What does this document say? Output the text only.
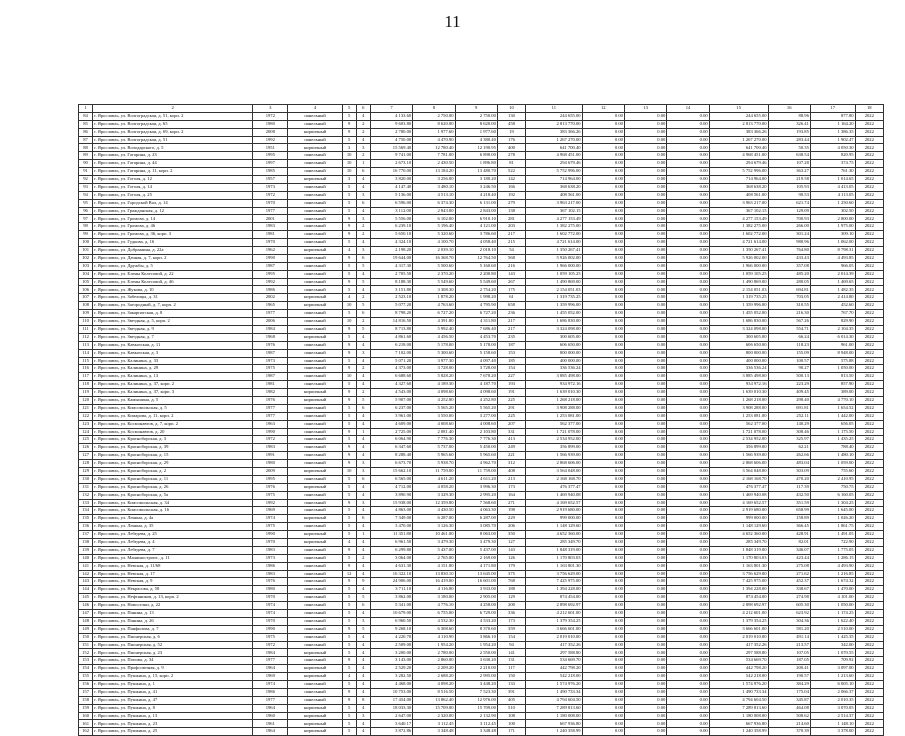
11
1	2	3	4	5	6	7	8	9	10	11	12	13	14	15	16	17	18
84	г. Ярославль, ул. Волгоградская, д. 51, корп. 2	1972	панельный	5	4	4 133.60	2 750.00	2 750.00	130	244 655.00	0.00	0.00	0.00	244 655.00	88.96	877.80	2022
85	г. Ярославль, ул. Волгоградская, д. 65	1980	панельный	9	2	9 603.80	8 620.00	8 620.00	458	2 813 770.00	0.00	0.00	0.00	2 813 770.00	326.41	1 164.20	2022
86	г. Ярославль, ул. Волгоградская, д. 69, корп. 2	2008	кирпичный	9	2	2 780.00	1 977.60	1 977.60	19	383 366.26	0.00	0.00	0.00	383 366.26	193.85	1 386.35	2022
87	г. Ярославль, ул. Волгоградская, д. 51	1992	панельный	5	4	4 750.00	4 470.90	4 380.40	176	1 267 270.00	0.00	0.00	0.00	1 267 270.00	283.44	1 902.47	2022
88	г. Ярославль, ул. Володарского, д. 5	1951	кирпичный	3	3	15 569.40	12 780.40	12 190.95	400	641 700.40	0.00	0.00	0.00	641 700.40	50.35	4 050.30	2022
89	г. Ярославль, ул. Гагарина, д. 23	1995	панельный	10	2	9 741.00	7 781.00	6 898.00	278	4 968 451.00	0.00	0.00	0.00	4 968 451.00	638.54	820.95	2022
90	г. Ярославль, ул. Гагарина, д. 44	1997	панельный	10	1	2 673.10	2 430.50	1 896.80	81	294 679.46	0.00	0.00	0.00	294 679.46	107.28	374.75	2022
91	г. Ярославль, ул. Гагарина, д. 11, корп. 2	1985	панельный	10	6	16 770.00	13 184.20	13 480.70	522	5 752 996.00	0.00	0.00	0.00	5 752 996.00	363.27	761.30	2022
92	г. Ярославль, ул. Гоголя, д. 12	1957	кирпичный	3	4	3 820.00	3 256.00	3 180.20	142	714 964.00	0.00	0.00	0.00	714 964.00	219.58	1 014.65	2022
93	г. Ярославль, ул. Гоголя, д. 14	1973	панельный	5	4	4 147.40	3 480.10	3 246.50	166	368 638.20	0.00	0.00	0.00	368 638.20	105.93	4 413.05	2022
94	г. Ярославль, ул. Гоголя, д. 25	1972	панельный	5	3	5 136.00	4 513.10	4 218.40	192	408 561.00	0.00	0.00	0.00	408 561.00	90.53	4 113.05	2022
95	г. Ярославль, ул. Городской Вал, д. 14	1970	панельный	5	6	6 596.00	6 374.30	6 131.00	279	3 963 217.00	0.00	0.00	0.00	3 963 217.00	621.74	1 250.60	2022
96	г. Ярославль, ул. Гражданская, д. 12	1977	панельный	5	4	3 112.00	2 843.00	2 843.00	138	367 102.15	0.00	0.00	0.00	367 102.15	129.09	302.50	2022
97	г. Ярославль, ул. Громова, д. 14	2001	панельный	9	3	5 556.00	6 102.00	6 910.10	281	4 277 153.49	0.00	0.00	0.00	4 277 153.49	700.93	2 800.00	2022
98	г. Ярославль, ул. Громова, д. 46	1983	панельный	9	2	6 239.10	5 196.40	4 121.00	203	1 382 275.00	0.00	0.00	0.00	1 382 275.00	266.00	1 975.00	2022
99	г. Ярославль, ул. Громова, д. 36, корп. 3	1981	панельный	9	2	5 650.10	5 320.60	3 786.60	217	1 602 772.00	0.00	0.00	0.00	1 602 772.00	301.24	309.10	2022
100	г. Ярославль, ул. Гудкова, д. 16	1970	панельный	5	4	4 324.10	4 100.70	4 058.40	215	4 721 614.00	0.00	0.00	0.00	4 721 614.00	980.96	1 062.00	2022
101	г. Ярославль, ул. Добрынина, д. 22а	1962	кирпичный	4	3	2 198.20	2 039.10	2 018.10	54	1 350 267.41	0.00	0.00	0.00	1 350 267.41	764.80	8 798.31	2022
102	г. Ярославль, ул. Дачная, д. 7, корп. 2	1990	панельный	9	6	19 644.00	16 368.70	12 764.50	568	5 926 002.00	0.00	0.00	0.00	5 926 002.00	433.43	4 493.85	2022
103	г. Ярославль, ул. Дружбы, д. 5	1987	панельный	5	5	4 317.30	5 500.60	5 160.60	216	1 966 000.00	0.00	0.00	0.00	1 966 000.00	357.08	966.05	2022
104	г. Ярославль, ул. Елены Колесовой, д. 22	1995	панельный	5	4	2 705.50	2 370.20	2 200.80	143	1 059 105.25	0.00	0.00	0.00	1 059 105.25	485.20	2 014.39	2022
105	г. Ярославль, ул. Елены Колесовой, д. 46	1992	панельный	9	5	8 188.30	5 549.60	5 549.60	267	1 490 869.00	0.00	0.00	0.00	1 490 869.00	280.05	1 469.65	2022
106	г. Ярославль, ул. Жукова, д. 10	1986	панельный	5	4	3 151.80	3 308.30	2 754.20	175	2 154 051.03	0.00	0.00	0.00	2 154 051.03	694.81	1 482.35	2022
107	г. Ярославль, ул. Забелицы, д. 31	2002	кирпичный	4	2	2 523.10	1 878.20	1 998.20	61	1 319 735.25	0.00	0.00	0.00	1 319 735.25	703.05	2 414.80	2022
108	г. Ярославль, ул. Загородный, д. 7, корп. 2	1965	кирпичный	10	5	5 077.20	4 763.60	4 795.90	658	1 359 996.00	0.00	0.00	0.00	1 359 996.00	310.55	452.60	2022
109	г. Ярославль, ул. Закарпатская, д. 8	1977	панельный	5	6	8 798.20	6 727.20	6 727.20	236	1 455 052.00	0.00	0.00	0.00	1 455 052.00	216.30	767.70	2022
110	г. Ярославль, ул. Звездная, д. 5, корп. 2	2006	панельный	10	2	14 816.50	4 391.80	4 311.80	217	1 686 830.00	0.00	0.00	0.00	1 686 830.00	567.26	829.90	2022
111	г. Ярославль, ул. Звездная, д. 9	1984	панельный	9	5	8 713.80	5 992.40	7 686.40	217	3 324 098.00	0.00	0.00	0.00	3 324 098.00	554.71	2 104.35	2022
112	г. Ярославль, ул. Звездная, д. 7	1968	кирпичный	5	4	4 861.60	4 456.50	4 453.70	235	300 605.00	0.00	0.00	0.00	300 605.00	66.24	6 014.30	2022
113	г. Ярославль, ул. Кавказская, д. 11	1976	панельный	9	4	6 218.00	5 178.00	5 178.00	187	606 650.00	0.00	0.00	0.00	606 650.00	118.23	961.00	2022
114	г. Ярославль, ул. Кавказская, д. 3	1987	панельный	9	3	7 102.00	5 300.60	5 158.60	153	800 000.00	0.00	0.00	0.00	800 000.00	155.09	8 948.00	2022
115	г. Ярославль, ул. Калинина, д. 33	1973	панельный	5	4	5 071.20	3 977.30	4 097.40	185	400 000.00	0.00	0.00	0.00	400 000.00	100.57	575.88	2022
116	г. Ярославль, ул. Калинина, д. 29	1975	панельный	9	2	4 373.00	3 728.00	3 728.00	154	336 536.24	0.00	0.00	0.00	336 536.24	90.27	1 050.00	2022
117	г. Ярославль, ул. Калинина, д. 13	1987	панельный	10	4	6 688.60	5 828.20	7 678.20	227	3 885 498.00	0.00	0.00	0.00	3 885 498.00	500.13	813.50	2022
118	г. Ярославль, ул. Калинина, д. 37, корп. 2	1981	панельный	5	4	4 327.60	4 189.30	4 187.70	193	934 972.16	0.00	0.00	0.00	934 972.16	223.29	857.90	2022
119	г. Ярославль, ул. Калинина, д. 37, корп. 3	1982	кирпичный	9	2	4 543.00	4 098.60	4 098.60	191	1 639 010.30	0.00	0.00	0.00	1 639 010.30	409.45	389.00	2022
120	г. Ярославль, ул. Камышина, д. 5	1976	кирпичный	9	5	5 907.00	4 252.80	4 252.80	225	1 268 218.00	0.00	0.00	0.00	1 268 218.00	298.40	4 770.10	2022
121	г. Ярославль, ул. Комсомольская, д. 5	1977	панельный	5	6	6 237.00	5 565.20	5 565.20	291	3 908 288.00	0.00	0.00	0.00	3 908 288.00	691.81	1 654.52	2022
122	г. Ярославль, ул. Комарова, д. 11, корп. 2	1977	панельный	5	4	3 961.00	3 550.00	3 277.00	225	1 253 081.00	0.00	0.00	0.00	1 253 081.00	252.11	1 442.00	2022
123	г. Ярославль, ул. Космонавтов, д. 7, корп. 2	1963	панельный	5	4	4 609.00	4 008.60	4 008.60	207	562 377.00	0.00	0.00	0.00	562 377.00	140.29	656.05	2022
124	г. Ярославль, ул. Космонавтов, д. 20	1990	панельный	9	1	2 725.00	2 081.40	2 103.80	331	1 721 078.00	0.00	0.00	0.00	1 721 078.00	308.46	1 175.50	2022
125	г. Ярославль, ул. Красноборская, д. 3	1972	панельный	5	4	6 064.90	7 776.30	7 776.30	413	2 534 952.00	0.00	0.00	0.00	2 534 952.00	325.97	1 435.25	2022
126	г. Ярославль, ул. Красноборская, д. 39	1983	панельный	9	4	6 347.60	5 737.00	5 450.00	249	356 899.00	0.00	0.00	0.00	356 899.00	62.21	788.40	2022
127	г. Ярославль, ул. Красноборская, д. 15	1991	панельный	9	4	8 288.40	5 965.60	5 965.60	221	1 566 939.00	0.00	0.00	0.00	1 566 939.00	262.66	1 480.10	2022
128	г. Ярославль, ул. Красноборская, д. 29	1980	панельный	9	3	6 673.70	5 938.70	4 962.70	312	2 868 606.00	0.00	0.00	0.00	2 868 606.00	483.04	1 059.00	2022
129	г. Ярославль, ул. Красноборская, д. 2	2009	кирпичный	10	3	15 662.10	11 759.00	11 759.00	408	3 564 048.00	0.00	0.00	0.00	3 564 048.00	303.09	755.60	2022
130	г. Ярославль, ул. Красноборская, д. 11	1995	панельный	5	6	6 565.00	4 611.20	4 611.20	213	2 168 168.70	0.00	0.00	0.00	2 168 168.70	470.20	2 410.95	2022
131	г. Ярославль, ул. Красноборская, д. 26	1976	кирпичный	5	4	4 712.00	4 058.20	3 996.30	173	476 377.47	0.00	0.00	0.00	476 377.47	117.39	750.75	2022
132	г. Ярославль, ул. Красноборская, д. 5а	1975	панельный	5	4	3 890.90	3 329.30	2 995.20	164	1 469 940.08	0.00	0.00	0.00	1 469 940.08	432.50	6 160.05	2022
133	г. Ярославль, ул. Комсомольская, д. 34	1992	панельный	9	3	15 938.00	12 359.80	7 568.60	271	4 169 652.57	0.00	0.00	0.00	4 169 652.57	351.59	1 304.25	2022
134	г. Ярославль, ул. Комсомольская, д. 16	1969	панельный	5	4	4 863.00	4 430.50	4 063.30	198	2 919 680.00	0.00	0.00	0.00	2 919 680.00	658.99	1 645.00	2022
135	г. Ярославль, ул. Ленина, д. 4а	1974	кирпичный	5	6	7 349.00	6 287.00	6 287.00	229	999 000.00	0.00	0.00	0.00	999 000.00	158.89	1 026.20	2022
136	г. Ярославль, ул. Ленина, д. 35	1975	панельный	5	4	3 470.00	3 126.30	3 085.70	206	1 148 129.60	0.00	0.00	0.00	1 148 129.60	366.45	1 861.75	2022
137	г. Ярославль, ул. Лебедева, д. 25	1990	кирпичный	5	1	11 351.80	10 461.00	8 063.00	350	4 652 360.00	0.00	0.00	0.00	4 652 360.00	428.91	1 491.05	2022
138	г. Ярославль, ул. Лебедева, д. 4	1970	кирпичный	4	4	6 961.50	3 479.30	3 479.30	127	285 349.70	0.00	0.00	0.00	285 349.70	82.01	722.90	2022
139	г. Ярославль, ул. Лебедева, д. 7	1983	панельный	9	4	6 299.80	5 437.00	5 437.00	143	1 848 319.00	0.00	0.00	0.00	1 848 319.00	346.07	1 775.05	2022
140	г. Ярославль, ул. Машиностроит., д. 11	1973	панельный	5	2	3 064.00	2 765.00	2 169.00	126	1 170 803.03	0.00	0.00	0.00	1 170 803.03	423.44	1 286.15	2022
141	г. Ярославль, ул. Невская, д. 11/68	1986	панельный	9	4	4 631.30	4 151.80	4 171.80	179	1 163 801.30	0.00	0.00	0.00	1 163 801.30	275.08	4 493.90	2022
142	г. Ярославль, ул. Невская, д. 17	1983	панельный	12	4	16 322.10	13 830.10	13 645.00	375	3 756 629.00	0.00	0.00	0.00	3 756 629.00	271.62	1 216.85	2022
143	г. Ярославль, ул. Невская, д. 9	1976	панельный	9	9	24 906.00	16 419.00	16 601.00	768	7 425 975.00	0.00	0.00	0.00	7 425 975.00	452.37	1 674.32	2022
144	г. Ярославль, ул. Некрасова, д. 58	1980	панельный	5	4	3 711.10	4 116.80	3 933.00	188	1 394 228.00	0.00	0.00	0.00	1 394 228.00	338.67	1 470.00	2022
145	г. Ярославль, ул. Нефтяников, д. 13, корп. 2	1970	панельный	5	5	3 862.00	3 180.00	2 905.00	129	874 454.00	0.00	0.00	0.00	874 454.00	274.98	4 101.00	2022
146	г. Ярославль, ул. Новоселки, д. 22	1974	панельный	5	6	5 341.00	4 776.10	4 258.00	200	2 898 692.97	0.00	0.00	0.00	2 898 692.97	605.30	1 050.00	2022
147	г. Ярославль, ул. Панина, д. 13	1974	панельный	5	4	10 679.00	6 755.00	6 729.00	336	4 212 601.00	0.00	0.00	0.00	4 212 601.00	623.92	1 174.25	2022
148	г. Ярославль, ул. Панина, д. 26	1970	панельный	5	3	6 960.50	4 532.30	4 533.20	173	1 379 354.25	0.00	0.00	0.00	1 379 354.25	304.36	1 622.40	2022
149	г. Ярославль, ул. Панфилова, д. 7	1990	панельный	9	5	9 268.10	6 308.60	8 370.60	359	3 666 601.00	0.00	0.00	0.00	3 666 601.00	581.20	2 510.00	2022
150	г. Ярославль, ул. Пионерская, д. 6	1975	панельный	5	4	4 220.70	4 110.90	3 866.10	154	2 019 010.00	0.00	0.00	0.00	2 019 010.00	491.14	1 425.35	2022
151	г. Ярославль, ул. Пионерская, д. 52	1972	панельный	5	4	2 509.00	1 954.20	1 954.20	94	417 352.26	0.00	0.00	0.00	417 352.26	213.57	342.00	2022
152	г. Ярославль, ул. Пионерская, д. 23	1984	кирпичный	5	4	3 200.00	2 780.00	2 550.00	141	297 588.80	0.00	0.00	0.00	297 588.80	107.05	1 070.55	2022
153	г. Ярославль, ул. Попова, д. 34	1977	панельный	9	4	3 143.00	2 860.00	3 630.20	131	534 669.70	0.00	0.00	0.00	534 669.70	187.05	709.92	2022
154	г. Ярославль, ул. Профсоюзная, д. 9	1964	кирпичный	5	4	2 529.20	2 209.20	2 210.00	117	442 798.20	0.00	0.00	0.00	442 798.20	200.41	3 097.00	2022
155	г. Ярославль, ул. Пушкина, д. 15, корп. 2	1969	кирпичный	4	4	3 282.50	2 688.20	2 995.00	150	542 218.00	0.00	0.00	0.00	542 218.00	190.57	1 213.60	2022
156	г. Ярославль, ул. Пушкина, д. 1	1974	панельный	5	4	4 468.00	4 098.20	3 448.20	133	1 574 976.20	0.00	0.00	0.00	1 574 976.20	384.29	6 005.10	2022
157	г. Ярославль, ул. Пушкина, д. 41	1986	панельный	9	4	10 753.00	8 516.50	7 523.30	391	1 490 733.34	0.00	0.00	0.00	1 490 733.34	175.04	2 066.37	2022
158	г. Ярославль, ул. Пушкина, д. 47	1977	панельный	9	8	17 454.00	13 862.40	12 976.00	405	4 794 604.50	0.00	0.00	0.00	4 794 604.50	345.87	2 010.35	2022
159	г. Ярославль, ул. Пушкина, д. 8	1964	кирпичный	5	4	18 033.30	15 709.00	15 709.00	510	7 289 813.60	0.00	0.00	0.00	7 289 813.60	464.08	3 070.05	2022
160	г. Ярославль, ул. Пушкина, д. 13	1960	кирпичный	5	3	2 647.00	2 320.00	2 132.90	108	1 180 008.00	0.00	0.00	0.00	1 180 008.00	508.62	2 514.37	2022
161	г. Ярославль, ул. Пушкина, д. 23	1961	кирпичный	5	4	3 640.17	3 112.45	3 112.45	100	667 936.80	0.00	0.00	0.00	667 936.80	214.60	1 148.10	2022
162	г. Ярославль, ул. Пушкина, д. 25	1964	кирпичный	5	4	3 872.86	3 348.48	3 348.48	171	1 240 358.99	0.00	0.00	0.00	1 240 358.99	370.39	3 378.00	2022
